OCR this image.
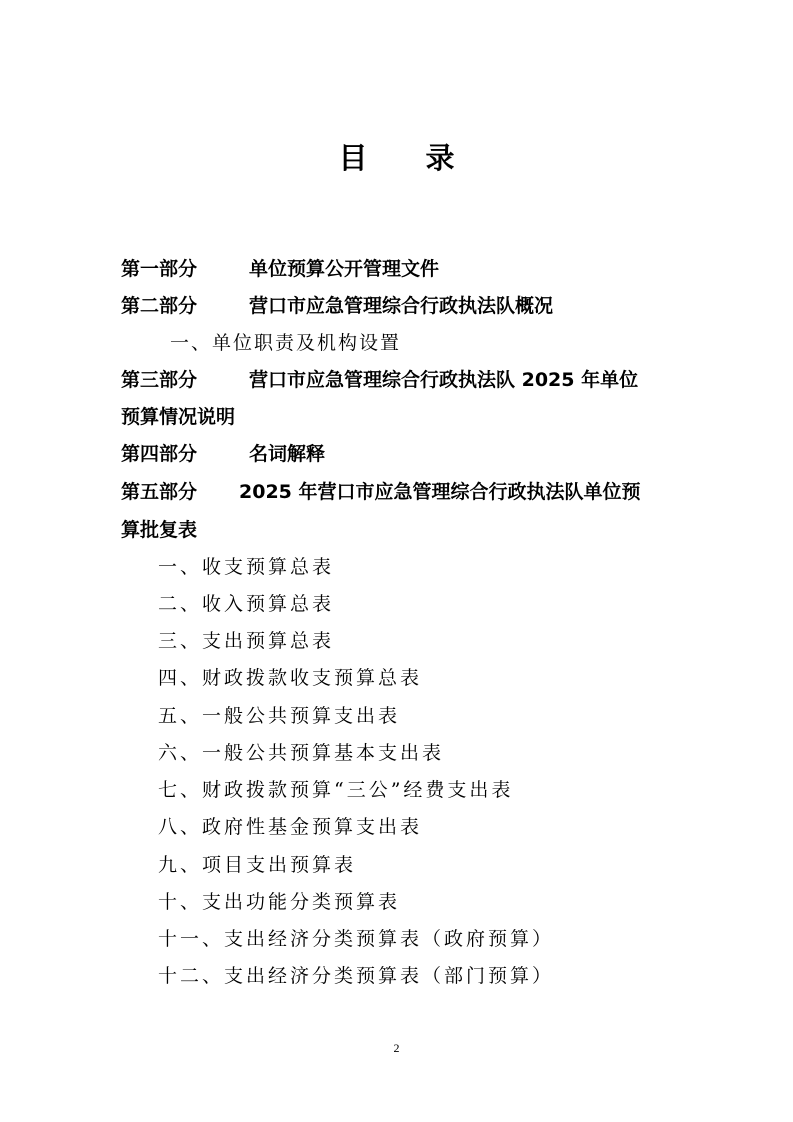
目 录
第一部分	单位预算公开管理文件
第二部分	营口市应急管理综合行政执法队概况
一、单位职责及机构设置
第三部分	营口市应急管理综合行政执法队 2025 年单位
预算情况说明
第四部分	名词解释
第五部分 2025 年营口市应急管理综合行政执法队单位预
算批复表
一、收支预算总表
二、收入预算总表
三、支出预算总表
四、财政拨款收支预算总表
五、一般公共预算支出表
六、一般公共预算基本支出表
七、财政拨款预算“三公”经费支出表
八、政府性基金预算支出表
九、项目支出预算表
十、支出功能分类预算表
十一、支出经济分类预算表（政府预算）
十二、支出经济分类预算表（部门预算）
2
